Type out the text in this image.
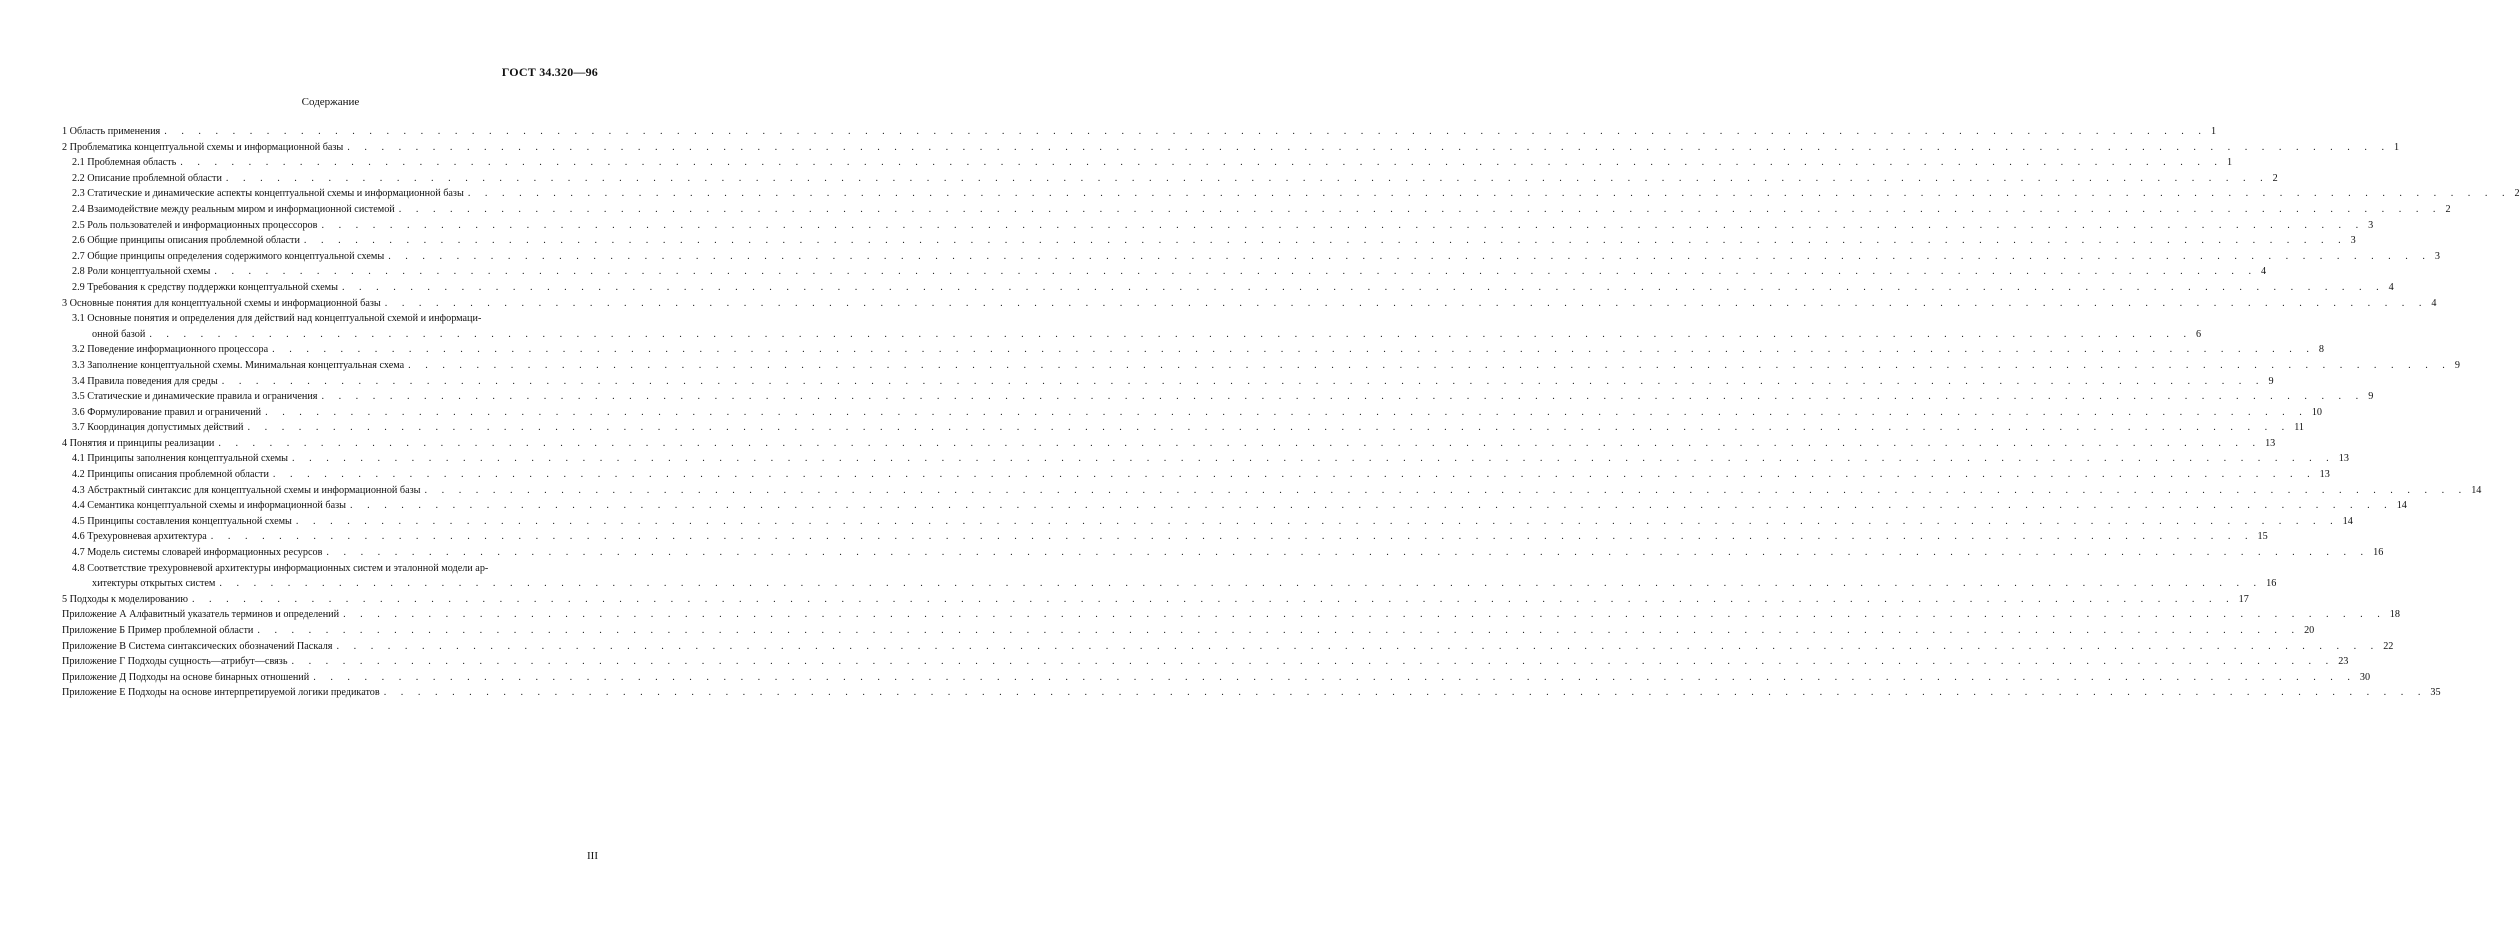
ГОСТ 34.320—96
Содержание
1 Область применения . . . . . . . . . . . . . . . . . . . . . . . . . . . . . . . . . . . . . . . . . . . . . . . . . . . . . . . . . . . . . . . . . . . . . . . . . . . . . . . . . . . . . . . . . . . . . . . . . . . . . . . . . . . . . . . . . . . . . . . . 1
2 Проблематика концептуальной схемы и информационной базы . . . . . . . . . . . . . . . . . . . . . . . . . . . . . . . . . . . . . . . . . . . . . . . . . . . . . . . . . . . . . . . . . . . . . . . . . . . . . . . . . . . . . . . . . . . . . . . . . . . . . . . . . . . . . . . . . . . . . . . . 1
2.1 Проблемная область . . . . . . . . . . . . . . . . . . . . . . . . . . . . . . . . . . . . . . . . . . . . . . . . . . . . . . . . . . . . . . . . . . . . . . . . . . . . . . . . . . . . . . . . . . . . . . . . . . . . . . . . . . . . . . . . . . . . . . . . 1
2.2 Описание проблемной области . . . . . . . . . . . . . . . . . . . . . . . . . . . . . . . . . . . . . . . . . . . . . . . . . . . . . . . . . . . . . . . . . . . . . . . . . . . . . . . . . . . . . . . . . . . . . . . . . . . . . . . . . . . . . . . . . . . . . . . . 2
2.3 Статические и динамические аспекты концептуальной схемы и информационной базы . . . . . . . . . . . . . . . . . . . . . . . . . . . . . . . . . . . . . . . . . . . . . . . . . . . . . . . . . . . . . . . . . . . . . . . . . . . . . . . . . . . . . . . . . . . . . . . . . . . . . . . . . . . . . . . . . . . . . . . . 2
2.4 Взаимодействие между реальным миром и информационной системой . . . . . . . . . . . . . . . . . . . . . . . . . . . . . . . . . . . . . . . . . . . . . . . . . . . . . . . . . . . . . . . . . . . . . . . . . . . . . . . . . . . . . . . . . . . . . . . . . . . . . . . . . . . . . . . . . . . . . . . . 2
2.5 Роль пользователей и информационных процессоров . . . . . . . . . . . . . . . . . . . . . . . . . . . . . . . . . . . . . . . . . . . . . . . . . . . . . . . . . . . . . . . . . . . . . . . . . . . . . . . . . . . . . . . . . . . . . . . . . . . . . . . . . . . . . . . . . . . . . . . . 3
2.6 Общие принципы описания проблемной области . . . . . . . . . . . . . . . . . . . . . . . . . . . . . . . . . . . . . . . . . . . . . . . . . . . . . . . . . . . . . . . . . . . . . . . . . . . . . . . . . . . . . . . . . . . . . . . . . . . . . . . . . . . . . . . . . . . . . . . . 3
2.7 Общие принципы определения содержимого концептуальной схемы . . . . . . . . . . . . . . . . . . . . . . . . . . . . . . . . . . . . . . . . . . . . . . . . . . . . . . . . . . . . . . . . . . . . . . . . . . . . . . . . . . . . . . . . . . . . . . . . . . . . . . . . . . . . . . . . . . . . . . . . 3
2.8 Роли концептуальной схемы . . . . . . . . . . . . . . . . . . . . . . . . . . . . . . . . . . . . . . . . . . . . . . . . . . . . . . . . . . . . . . . . . . . . . . . . . . . . . . . . . . . . . . . . . . . . . . . . . . . . . . . . . . . . . . . . . . . . . . . . 4
2.9 Требования к средству поддержки концептуальной схемы . . . . . . . . . . . . . . . . . . . . . . . . . . . . . . . . . . . . . . . . . . . . . . . . . . . . . . . . . . . . . . . . . . . . . . . . . . . . . . . . . . . . . . . . . . . . . . . . . . . . . . . . . . . . . . . . . . . . . . . . 4
3 Основные понятия для концептуальной схемы и информационной базы . . . . . . . . . . . . . . . . . . . . . . . . . . . . . . . . . . . . . . . . . . . . . . . . . . . . . . . . . . . . . . . . . . . . . . . . . . . . . . . . . . . . . . . . . . . . . . . . . . . . . . . . . . . . . . . . . . . . . . . . 4
3.1 Основные понятия и определения для действий над концептуальной схемой и информаци-
онной базой . . . . . . . . . . . . . . . . . . . . . . . . . . . . . . . . . . . . . . . . . . . . . . . . . . . . . . . . . . . . . . . . . . . . . . . . . . . . . . . . . . . . . . . . . . . . . . . . . . . . . . . . . . . . . . . . . . . . . . . . 6
3.2 Поведение информационного процессора . . . . . . . . . . . . . . . . . . . . . . . . . . . . . . . . . . . . . . . . . . . . . . . . . . . . . . . . . . . . . . . . . . . . . . . . . . . . . . . . . . . . . . . . . . . . . . . . . . . . . . . . . . . . . . . . . . . . . . . . 8
3.3 Заполнение концептуальной схемы. Минимальная концептуальная схема . . . . . . . . . . . . . . . . . . . . . . . . . . . . . . . . . . . . . . . . . . . . . . . . . . . . . . . . . . . . . . . . . . . . . . . . . . . . . . . . . . . . . . . . . . . . . . . . . . . . . . . . . . . . . . . . . . . . . . . . 9
3.4 Правила поведения для среды . . . . . . . . . . . . . . . . . . . . . . . . . . . . . . . . . . . . . . . . . . . . . . . . . . . . . . . . . . . . . . . . . . . . . . . . . . . . . . . . . . . . . . . . . . . . . . . . . . . . . . . . . . . . . . . . . . . . . . . . 9
3.5 Статические и динамические правила и ограничения . . . . . . . . . . . . . . . . . . . . . . . . . . . . . . . . . . . . . . . . . . . . . . . . . . . . . . . . . . . . . . . . . . . . . . . . . . . . . . . . . . . . . . . . . . . . . . . . . . . . . . . . . . . . . . . . . . . . . . . . 9
3.6 Формулирование правил и ограничений . . . . . . . . . . . . . . . . . . . . . . . . . . . . . . . . . . . . . . . . . . . . . . . . . . . . . . . . . . . . . . . . . . . . . . . . . . . . . . . . . . . . . . . . . . . . . . . . . . . . . . . . . . . . . . . . . . . . . . . . 10
3.7 Координация допустимых действий . . . . . . . . . . . . . . . . . . . . . . . . . . . . . . . . . . . . . . . . . . . . . . . . . . . . . . . . . . . . . . . . . . . . . . . . . . . . . . . . . . . . . . . . . . . . . . . . . . . . . . . . . . . . . . . . . . . . . . . . 11
4 Понятия и принципы реализации . . . . . . . . . . . . . . . . . . . . . . . . . . . . . . . . . . . . . . . . . . . . . . . . . . . . . . . . . . . . . . . . . . . . . . . . . . . . . . . . . . . . . . . . . . . . . . . . . . . . . . . . . . . . . . . . . . . . . . . . 13
4.1 Принципы заполнения концептуальной схемы . . . . . . . . . . . . . . . . . . . . . . . . . . . . . . . . . . . . . . . . . . . . . . . . . . . . . . . . . . . . . . . . . . . . . . . . . . . . . . . . . . . . . . . . . . . . . . . . . . . . . . . . . . . . . . . . . . . . . . . . 13
4.2 Принципы описания проблемной области . . . . . . . . . . . . . . . . . . . . . . . . . . . . . . . . . . . . . . . . . . . . . . . . . . . . . . . . . . . . . . . . . . . . . . . . . . . . . . . . . . . . . . . . . . . . . . . . . . . . . . . . . . . . . . . . . . . . . . . . 13
4.3 Абстрактный синтаксис для концептуальной схемы и информационной базы . . . . . . . . . . . . . . . . . . . . . . . . . . . . . . . . . . . . . . . . . . . . . . . . . . . . . . . . . . . . . . . . . . . . . . . . . . . . . . . . . . . . . . . . . . . . . . . . . . . . . . . . . . . . . . . . . . . . . . . . 14
4.4 Семантика концептуальной схемы и информационной базы . . . . . . . . . . . . . . . . . . . . . . . . . . . . . . . . . . . . . . . . . . . . . . . . . . . . . . . . . . . . . . . . . . . . . . . . . . . . . . . . . . . . . . . . . . . . . . . . . . . . . . . . . . . . . . . . . . . . . . . . 14
4.5 Принципы составления концептуальной схемы . . . . . . . . . . . . . . . . . . . . . . . . . . . . . . . . . . . . . . . . . . . . . . . . . . . . . . . . . . . . . . . . . . . . . . . . . . . . . . . . . . . . . . . . . . . . . . . . . . . . . . . . . . . . . . . . . . . . . . . . 14
4.6 Трехуровневая архитектура . . . . . . . . . . . . . . . . . . . . . . . . . . . . . . . . . . . . . . . . . . . . . . . . . . . . . . . . . . . . . . . . . . . . . . . . . . . . . . . . . . . . . . . . . . . . . . . . . . . . . . . . . . . . . . . . . . . . . . . . 15
4.7 Модель системы словарей информационных ресурсов . . . . . . . . . . . . . . . . . . . . . . . . . . . . . . . . . . . . . . . . . . . . . . . . . . . . . . . . . . . . . . . . . . . . . . . . . . . . . . . . . . . . . . . . . . . . . . . . . . . . . . . . . . . . . . . . . . . . . . . . 16
4.8 Соответствие трехуровневой архитектуры информационных систем и эталонной модели ар-
хитектуры открытых систем . . . . . . . . . . . . . . . . . . . . . . . . . . . . . . . . . . . . . . . . . . . . . . . . . . . . . . . . . . . . . . . . . . . . . . . . . . . . . . . . . . . . . . . . . . . . . . . . . . . . . . . . . . . . . . . . . . . . . . . . 16
5 Подходы к моделированию . . . . . . . . . . . . . . . . . . . . . . . . . . . . . . . . . . . . . . . . . . . . . . . . . . . . . . . . . . . . . . . . . . . . . . . . . . . . . . . . . . . . . . . . . . . . . . . . . . . . . . . . . . . . . . . . . . . . . . . . 17
Приложение А Алфавитный указатель терминов и определений . . . . . . . . . . . . . . . . . . . . . . . . . . . . . . . . . . . . . . . . . . . . . . . . . . . . . . . . . . . . . . . . . . . . . . . . . . . . . . . . . . . . . . . . . . . . . . . . . . . . . . . . . . . . . . . . . . . . . . . . 18
Приложение Б Пример проблемной области . . . . . . . . . . . . . . . . . . . . . . . . . . . . . . . . . . . . . . . . . . . . . . . . . . . . . . . . . . . . . . . . . . . . . . . . . . . . . . . . . . . . . . . . . . . . . . . . . . . . . . . . . . . . . . . . . . . . . . . . 20
Приложение В Система синтаксических обозначений Паскаля . . . . . . . . . . . . . . . . . . . . . . . . . . . . . . . . . . . . . . . . . . . . . . . . . . . . . . . . . . . . . . . . . . . . . . . . . . . . . . . . . . . . . . . . . . . . . . . . . . . . . . . . . . . . . . . . . . . . . . . . 22
Приложение Г Подходы сущность—атрибут—связь . . . . . . . . . . . . . . . . . . . . . . . . . . . . . . . . . . . . . . . . . . . . . . . . . . . . . . . . . . . . . . . . . . . . . . . . . . . . . . . . . . . . . . . . . . . . . . . . . . . . . . . . . . . . . . . . . . . . . . . . 23
Приложение Д Подходы на основе бинарных отношений . . . . . . . . . . . . . . . . . . . . . . . . . . . . . . . . . . . . . . . . . . . . . . . . . . . . . . . . . . . . . . . . . . . . . . . . . . . . . . . . . . . . . . . . . . . . . . . . . . . . . . . . . . . . . . . . . . . . . . . . 30
Приложение Е Подходы на основе интерпретируемой логики предикатов . . . . . . . . . . . . . . . . . . . . . . . . . . . . . . . . . . . . . . . . . . . . . . . . . . . . . . . . . . . . . . . . . . . . . . . . . . . . . . . . . . . . . . . . . . . . . . . . . . . . . . . . . . . . . . . . . . . . . . . . 35
III
